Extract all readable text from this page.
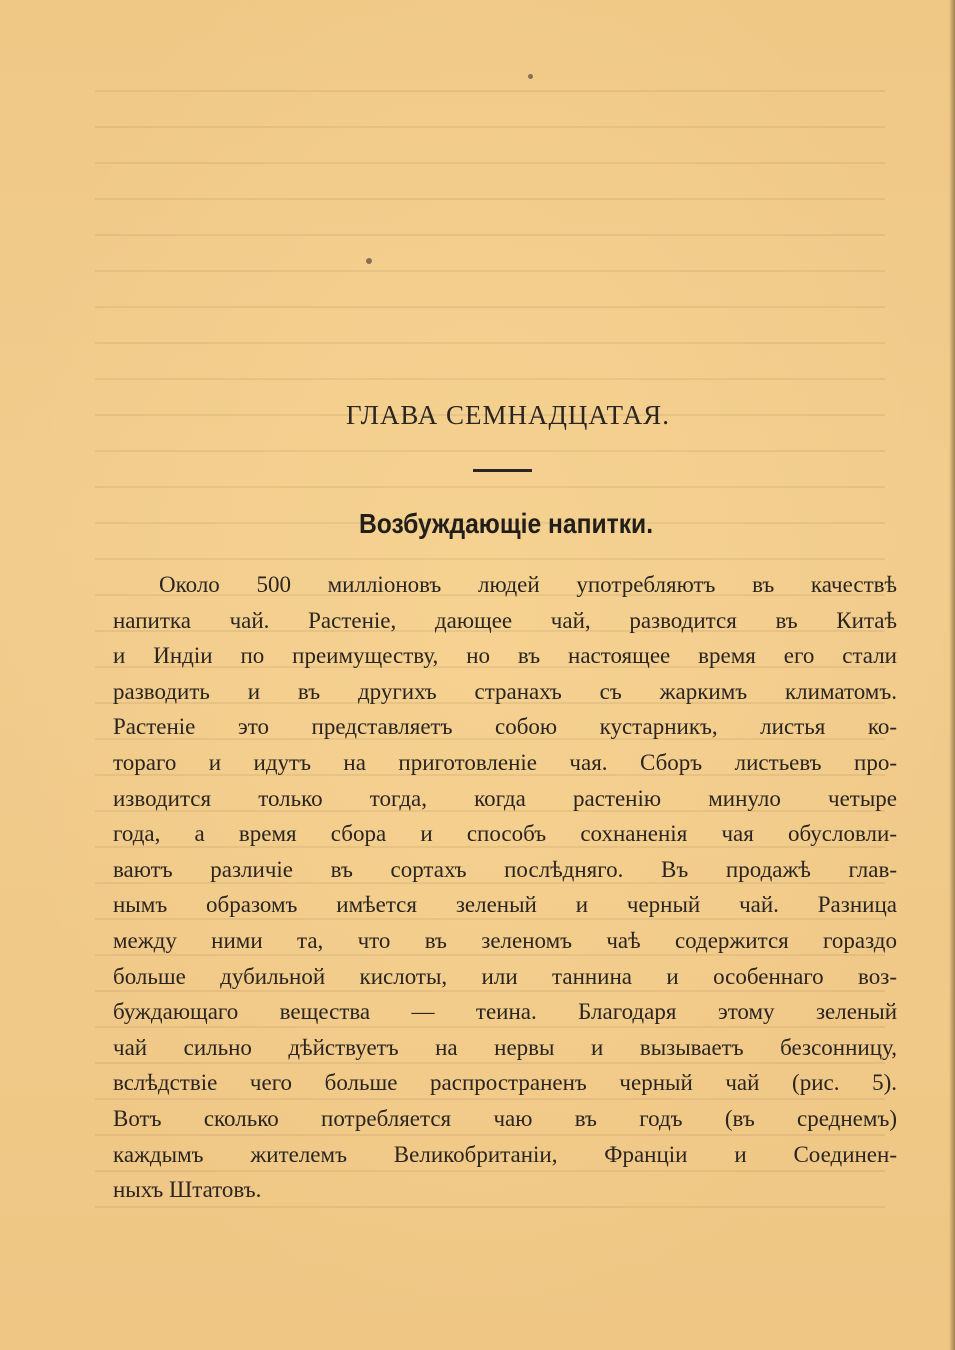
ГЛАВА СЕМНАДЦАТАЯ.
Возбуждающіе напитки.
Около 500 милліоновъ людей употребляютъ въ качествѣ
напитка чай. Растеніе, дающее чай, разводится въ Китаѣ
и Индіи по преимуществу, но въ настоящее время его стали
разводить и въ другихъ странахъ съ жаркимъ климатомъ.
Растеніе это представляетъ собою кустарникъ, листья ко-
тораго и идутъ на приготовленіе чая. Сборъ листьевъ про-
изводится только тогда, когда растенію минуло четыре
года, а время сбора и способъ сохнаненія чая обусловли-
ваютъ различіе въ сортахъ послѣдняго. Въ продажѣ глав-
нымъ образомъ имѣется зеленый и черный чай. Разница
между ними та, что въ зеленомъ чаѣ содержится гораздо
больше дубильной кислоты, или таннина и особеннаго воз-
буждающаго вещества — теина. Благодаря этому зеленый
чай сильно дѣйствуетъ на нервы и вызываетъ безсонницу,
вслѣдствіе чего больше распространенъ черный чай (рис. 5).
Вотъ сколько потребляется чаю въ годъ (въ среднемъ)
каждымъ жителемъ Великобританіи, Франціи и Соединен-
ныхъ Штатовъ.
